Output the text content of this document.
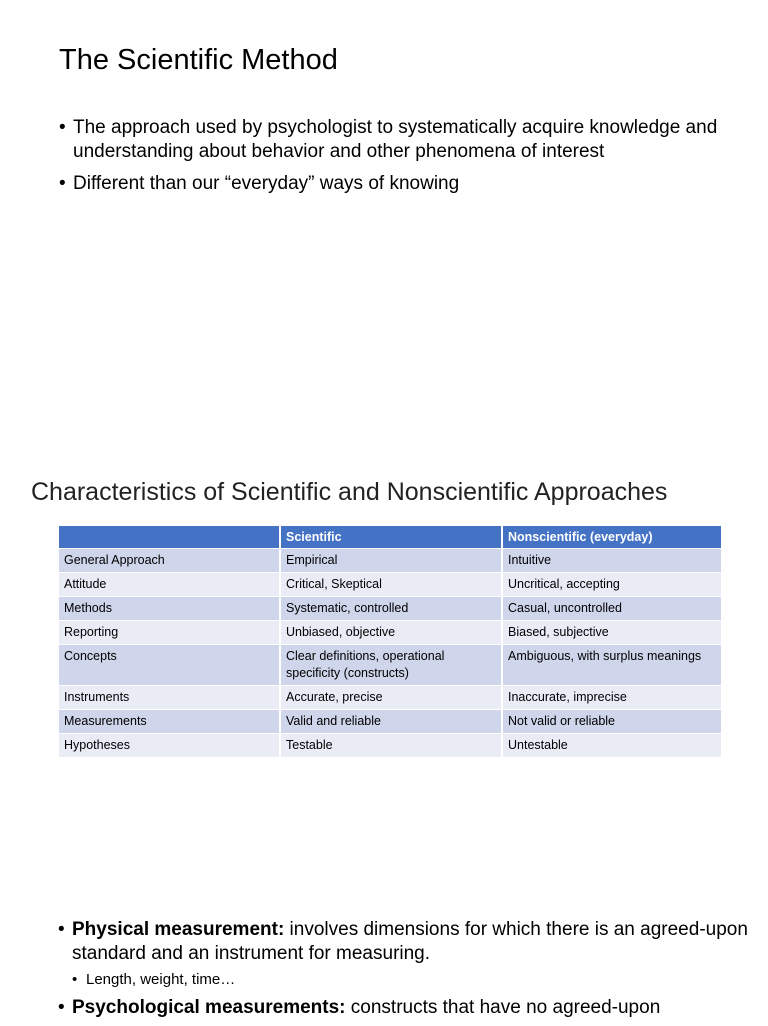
The Scientific Method
• The approach used by psychologist to systematically acquire knowledge and understanding about behavior and other phenomena of interest
• Different than our “everyday” ways of knowing
Characteristics of Scientific and Nonscientific Approaches
	Scientific	Nonscientific (everyday)
General Approach	Empirical	Intuitive
Attitude	Critical, Skeptical	Uncritical, accepting
Methods	Systematic, controlled	Casual, uncontrolled
Reporting	Unbiased, objective	Biased, subjective
Concepts	Clear definitions, operational specificity (constructs)	Ambiguous, with surplus meanings
Instruments	Accurate, precise	Inaccurate, imprecise
Measurements	Valid and reliable	Not valid or reliable
Hypotheses	Testable	Untestable
• Physical measurement: involves dimensions for which there is an agreed-upon standard and an instrument for measuring.
• Length, weight, time…
• Psychological measurements: constructs that have no agreed-upon
